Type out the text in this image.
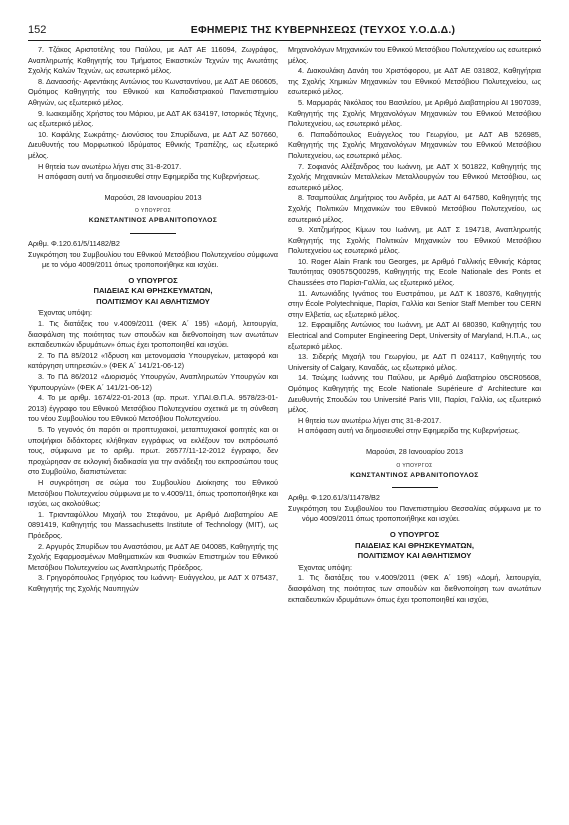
152	ΕΦΗΜΕΡΙΣ ΤΗΣ ΚΥΒΕΡΝΗΣΕΩΣ (ΤΕΥΧΟΣ Υ.Ο.Δ.Δ.)

7. Τζάκος Αριστοτέλης του Παύλου, με ΑΔΤ ΑΕ 116094, Ζωγράφος, Αναπληρωτής Καθηγητής του Τμήματος Εικαστικών Τεχνών της Ανωτάτης Σχολής Καλών Τεχνών, ως εσωτερικό μέλος.

8. Δαναοσής- Αφεντάκης Αντώνιος του Κωνσταντίνου, με ΑΔΤ ΑΕ 060605, Ομότιμος Καθηγητής του Εθνικού και Καποδιστριακού Πανεπιστημίου Αθηνών, ως εξωτερικό μέλος.

9. Ιωακειμίδης Χρήστος του Μάριου, με ΑΔΤ ΑΚ 634197, Ιστορικός Τέχνης, ως εξωτερικό μέλος.

10. Καφάλης Σωκράτης- Διονύσιος του Σπυρίδωνα, με ΑΔΤ ΑΖ 507660, Διευθυντής του Μορφωτικού Ιδρύματος Εθνικής Τραπέζης, ως εξωτερικό μέλος.

Η θητεία των ανωτέρω λήγει στις 31-8-2017.

Η απόφαση αυτή να δημοσιευθεί στην Εφημερίδα της Κυβερνήσεως.

Μαρούσι, 28 Ιανουαρίου 2013

Ο ΥΠΟΥΡΓΟΣ

ΚΩΝΣΤΑΝΤΙΝΟΣ ΑΡΒΑΝΙΤΟΠΟΥΛΟΣ

Αριθμ. Φ.120.61/5/11482/Β2

Συγκρότηση του Συμβουλίου του Εθνικού Μετσόβιου Πολυτεχνείου σύμφωνα με το νόμο 4009/2011 όπως τροποποιήθηκε και ισχύει.

Ο ΥΠΟΥΡΓΟΣ
ΠΑΙΔΕΙΑΣ ΚΑΙ ΘΡΗΣΚΕΥΜΑΤΩΝ,
ΠΟΛΙΤΙΣΜΟΥ ΚΑΙ ΑΘΛΗΤΙΣΜΟΥ

Έχοντας υπόψη:

1. Τις διατάξεις του ν.4009/2011 (ΦΕΚ Α΄ 195) «Δομή, λειτουργία, διασφάλιση της ποιότητας των σπουδών και διεθνοποίηση των ανωτάτων εκπαιδευτικών ιδρυμάτων» όπως έχει τροποποιηθεί και ισχύει.

2. Το ΠΔ 85/2012 «Ίδρυση και μετονομασία Υπουργείων, μεταφορά και κατάργηση υπηρεσιών.» (ΦΕΚ Α΄ 141/21-06-12)

3. Το ΠΔ 86/2012 «Διορισμός Υπουργών, Αναπληρωτών Υπουργών και Υφυπουργών» (ΦΕΚ Α΄ 141/21-06-12)

4. Το με αριθμ. 1674/22-01-2013 (αρ. πρωτ. Υ.ΠΑΙ.Θ.Π.Α. 9578/23-01-2013) έγγραφο του Εθνικού Μετσόβιου Πολυτεχνείου σχετικά με τη σύνθεση του νέου Συμβουλίου του Εθνικού Μετσόβιου Πολυτεχνείου.

5. Το γεγονός ότι παρότι οι προπτυχιακοί, μεταπτυχιακοί φοιτητές και οι υποψήφιοι διδάκτορες κλήθηκαν εγγράφως να εκλέξουν τον εκπρόσωπό τους, σύμφωνα με το αριθμ. πρωτ. 26577/11-12-2012 έγγραφο, δεν προχώρησαν σε εκλογική διαδικασία για την ανάδειξη του εκπροσώπου τους στο Συμβούλιο, διαπιστώνεται:

Η συγκρότηση σε σώμα του Συμβουλίου Διοίκησης του Εθνικού Μετσόβιου Πολυτεχνείου σύμφωνα με το ν.4009/11, όπως τροποποιήθηκε και ισχύει, ως ακολούθως:

1. Τριανταφύλλου Μιχαήλ του Στεφάνου, με Αριθμό Διαβατηρίου ΑΕ 0891419, Καθηγητής του Massachusetts Institute of Technology (MIT), ως Πρόεδρος.

2. Αργυρός Σπυρίδων του Αναστάσιου, με ΑΔΤ ΑΕ 040085, Καθηγητής της Σχολής Εφαρμοσμένων Μαθηματικών και Φυσικών Επιστημών του Εθνικού Μετσόβιου Πολυτεχνείου ως Αναπληρωτής Πρόεδρος.

3. Γρηγορόπουλος Γρηγόριος του Ιωάννη- Ευάγγελου, με ΑΔΤ Χ 075437, Καθηγητής της Σχολής Ναυπηγών

Μηχανολόγων Μηχανικών του Εθνικού Μετσόβιου Πολυτεχνείου ως εσωτερικό μέλος.

4. Διακουλάκη Δανάη του Χριστόφορου, με ΑΔΤ ΑΕ 031802, Καθηγήτρια της Σχολής Χημικών Μηχανικών του Εθνικού Μετσόβιου Πολυτεχνείου, ως εσωτερικό μέλος.

5. Μαρμαράς Νικόλαος του Βασιλείου, με Αριθμό Διαβατηρίου ΑΙ 1907039, Καθηγητής της Σχολής Μηχανολόγων Μηχανικών του Εθνικού Μετσόβιου Πολυτεχνείου, ως εσωτερικό μέλος.

6. Παπαδόπουλος Ευάγγελος του Γεωργίου, με ΑΔΤ ΑΒ 526985, Καθηγητής της Σχολής Μηχανολόγων Μηχανικών του Εθνικού Μετσόβιου Πολυτεχνείου, ως εσωτερικό μέλος.

7. Σοφιανός Αλέξανδρος του Ιωάννη, με ΑΔΤ Χ 501822, Καθηγητής της Σχολής Μηχανικών Μεταλλείων Μεταλλουργών του Εθνικού Μετσόβιου, ως εσωτερικό μέλος.

8. Τσαμπούλας Δημήτριος του Ανδρέα, με ΑΔΤ ΑΙ 647580, Καθηγητής της Σχολής Πολιτικών Μηχανικών του Εθνικού Μετσόβιου Πολυτεχνείου, ως εσωτερικό μέλος.

9. Χατζημήτρος Κίμων του Ιωάννη, με ΑΔΤ Σ 194718, Αναπληρωτής Καθηγητής της Σχολής Πολιτικών Μηχανικών του Εθνικού Μετσόβιου Πολυτεχνείου ως εσωτερικό μέλος.

10. Roger Alain Frank του Georges, με Αριθμό Γαλλικής Εθνικής Κάρτας Ταυτότητας 090575Q00295, Καθηγητής της Ecole Nationale des Ponts et Chaussées στο Παρίσι-Γαλλία, ως εξωτερικό μέλος.

11. Αντωνιάδης Ιγνάτιος του Ευστράτιου, με ΑΔΤ Κ 180376, Καθηγητής στην École Polytechnique, Παρίσι, Γαλλία και Senior Staff Member του CERN στην Ελβετία, ως εξωτερικό μέλος.

12. Εφραιμίδης Αντώνιος του Ιωάννη, με ΑΔΤ ΑΙ 680390, Καθηγητής του Electrical and Computer Engineering Dept, University of Maryland, Η.Π.Α., ως εξωτερικό μέλος.

13. Σιδερής Μιχαήλ του Γεωργίου, με ΑΔΤ Π 024117, Καθηγητής του University of Calgary, Καναδάς, ως εξωτερικό μέλος.

14. Τσώμης Ιωάννης του Παύλου, με Αριθμό Διαβατηρίου 05CR05608, Ομότιμος Καθηγητής της Ecole Nationale Supérieure d' Architecture και Διευθυντής Σπουδών του Université Paris VIII, Παρίσι, Γαλλία, ως εξωτερικό μέλος.

Η θητεία των ανωτέρω λήγει στις 31-8-2017.

Η απόφαση αυτή να δημοσιευθεί στην Εφημερίδα της Κυβερνήσεως.

Μαρούσι, 28 Ιανουαρίου 2013

Ο ΥΠΟΥΡΓΟΣ

ΚΩΝΣΤΑΝΤΙΝΟΣ ΑΡΒΑΝΙΤΟΠΟΥΛΟΣ

Αριθμ. Φ.120.61/3/11478/Β2

Συγκρότηση του Συμβουλίου του Πανεπιστημίου Θεσσαλίας σύμφωνα με το νόμο 4009/2011 όπως τροποποιήθηκε και ισχύει.

Ο ΥΠΟΥΡΓΟΣ
ΠΑΙΔΕΙΑΣ ΚΑΙ ΘΡΗΣΚΕΥΜΑΤΩΝ,
ΠΟΛΙΤΙΣΜΟΥ ΚΑΙ ΑΘΛΗΤΙΣΜΟΥ

Έχοντας υπόψη:

1. Τις διατάξεις του ν.4009/2011 (ΦΕΚ Α΄ 195) «Δομή, λειτουργία, διασφάλιση της ποιότητας των σπουδών και διεθνοποίηση των ανωτάτων εκπαιδευτικών ιδρυμάτων» όπως έχει τροποποιηθεί και ισχύει,
